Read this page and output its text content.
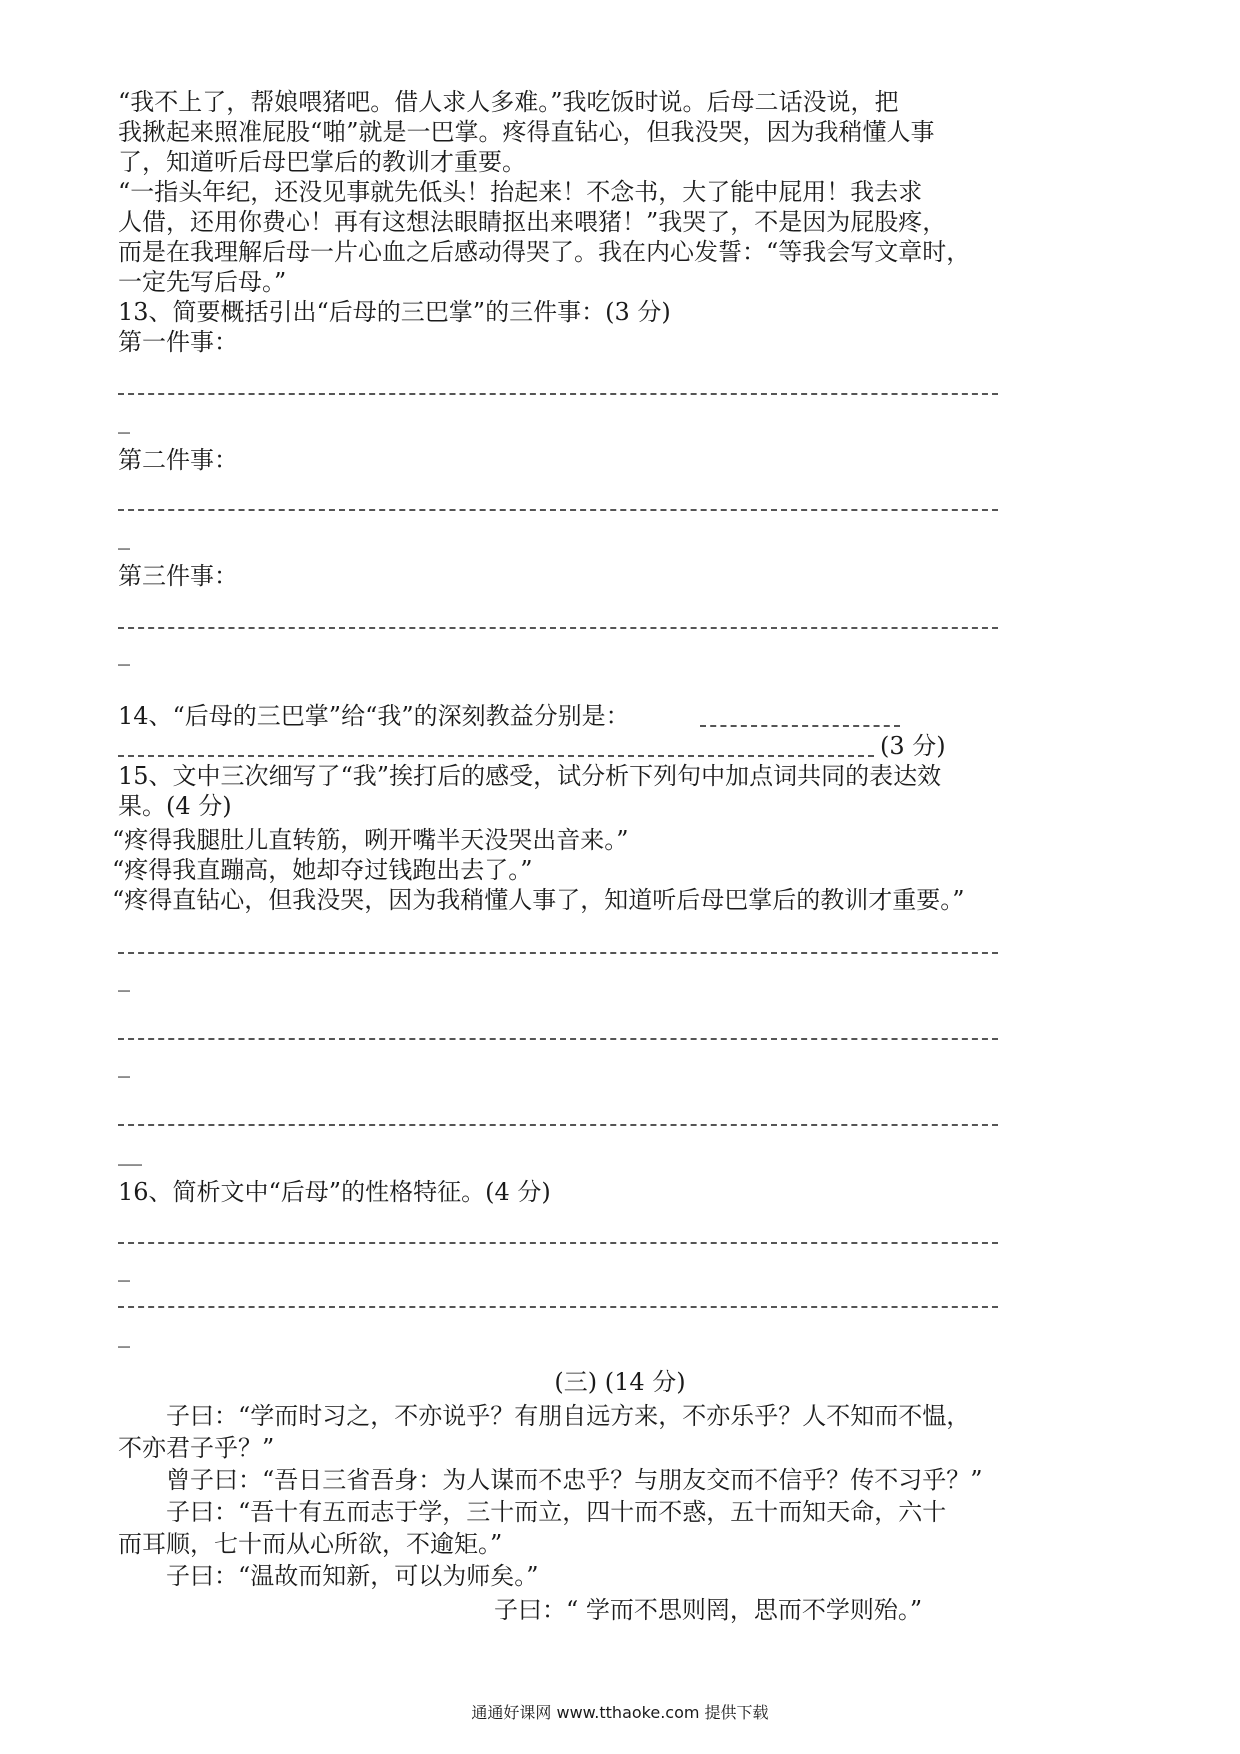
“我不上了，帮娘喂猪吧。借人求人多难。”我吃饭时说。后母二话没说，把
我揪起来照准屁股“啪”就是一巴掌。疼得直钻心，但我没哭，因为我稍懂人事
了，知道听后母巴掌后的教训才重要。
“一指头年纪，还没见事就先低头！抬起来！不念书，大了能中屁用！我去求
人借，还用你费心！再有这想法眼睛抠出来喂猪！”我哭了，不是因为屁股疼，
而是在我理解后母一片心血之后感动得哭了。我在内心发誓：“等我会写文章时，
一定先写后母。”
13、简要概括引出“后母的三巴掌”的三件事：(3 分)
第一件事：
_
第二件事：
_
第三件事：
_
14、“后母的三巴掌”给“我”的深刻教益分别是：
(3 分)
15、文中三次细写了“我”挨打后的感受，试分析下列句中加点词共同的表达效
果。(4 分)
“疼得我腿肚儿直转筋，咧开嘴半天没哭出音来。”
“疼得我直蹦高，她却夺过钱跑出去了。”
“疼得直钻心，但我没哭，因为我稍懂人事了，知道听后母巴掌后的教训才重要。”
_
_
__
16、简析文中“后母”的性格特征。(4 分)
_
_
(三) (14 分)
子曰：“学而时习之，不亦说乎？有朋自远方来，不亦乐乎？人不知而不愠，
不亦君子乎？”
曾子曰：“吾日三省吾身：为人谋而不忠乎？与朋友交而不信乎？传不习乎？”
子曰：“吾十有五而志于学，三十而立，四十而不惑，五十而知天命，六十
而耳顺，七十而从心所欲，不逾矩。”
子曰：“温故而知新，可以为师矣。”
子曰：“ 学而不思则罔，思而不学则殆。”
通通好课网 www.tthaoke.com 提供下载
